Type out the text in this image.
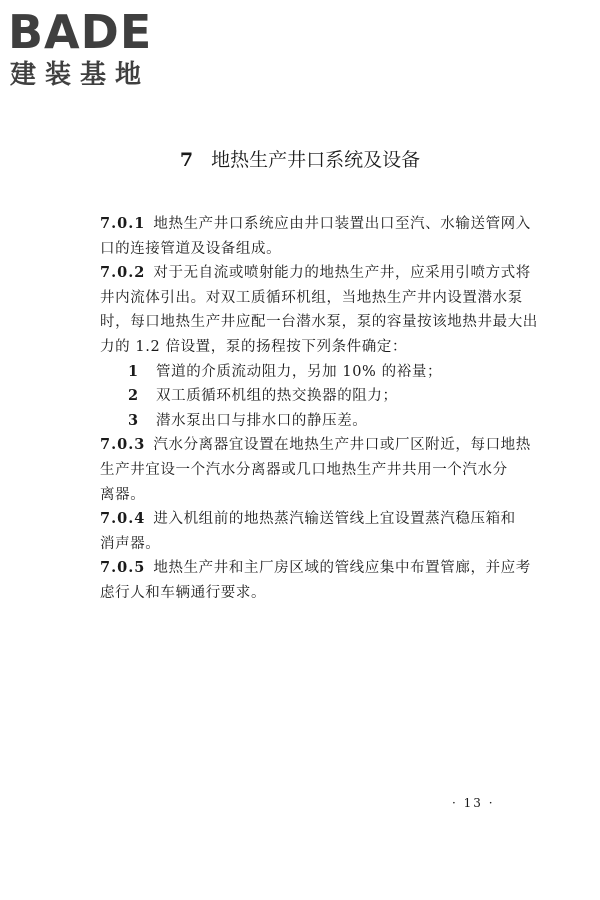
BADE
建装基地
7 地热生产井口系统及设备
7.0.1 地热生产井口系统应由井口装置出口至汽、水输送管网入
口的连接管道及设备组成。
7.0.2 对于无自流或喷射能力的地热生产井，应采用引喷方式将
井内流体引出。对双工质循环机组，当地热生产井内设置潜水泵
时，每口地热生产井应配一台潜水泵，泵的容量按该地热井最大出
力的 1.2 倍设置，泵的扬程按下列条件确定：
1 管道的介质流动阻力，另加 10% 的裕量；
2 双工质循环机组的热交换器的阻力；
3 潜水泵出口与排水口的静压差。
7.0.3 汽水分离器宜设置在地热生产井口或厂区附近，每口地热
生产井宜设一个汽水分离器或几口地热生产井共用一个汽水分
离器。
7.0.4 进入机组前的地热蒸汽输送管线上宜设置蒸汽稳压箱和
消声器。
7.0.5 地热生产井和主厂房区域的管线应集中布置管廊，并应考
虑行人和车辆通行要求。
· 13 ·
